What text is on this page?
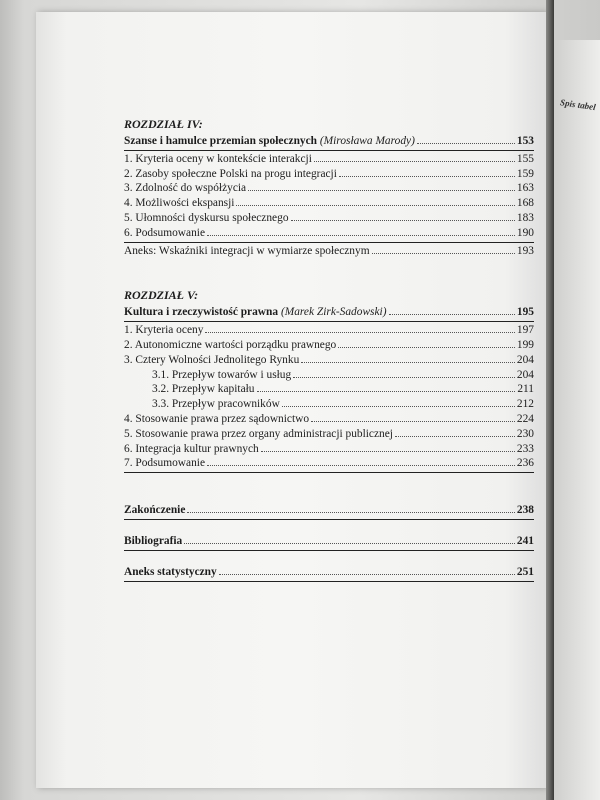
ROZDZIAŁ IV:
Szanse i hamulce przemian społecznych (Mirosława Marody)	153
1. Kryteria oceny w kontekście interakcji	155
2. Zasoby społeczne Polski na progu integracji	159
3. Zdolność do współżycia	163
4. Możliwości ekspansji	168
5. Ułomności dyskursu społecznego	183
6. Podsumowanie	190
Aneks: Wskaźniki integracji w wymiarze społecznym	193
ROZDZIAŁ V:
Kultura i rzeczywistość prawna (Marek Zirk-Sadowski)	195
1. Kryteria oceny	197
2. Autonomiczne wartości porządku prawnego	199
3. Cztery Wolności Jednolitego Rynku	204
3.1. Przepływ towarów i usług	204
3.2. Przepływ kapitału	211
3.3. Przepływ pracowników	212
4. Stosowanie prawa przez sądownictwo	224
5. Stosowanie prawa przez organy administracji publicznej	230
6. Integracja kultur prawnych	233
7. Podsumowanie	236
Zakończenie	238
Bibliografia	241
Aneks statystyczny	251
Spis tabel
